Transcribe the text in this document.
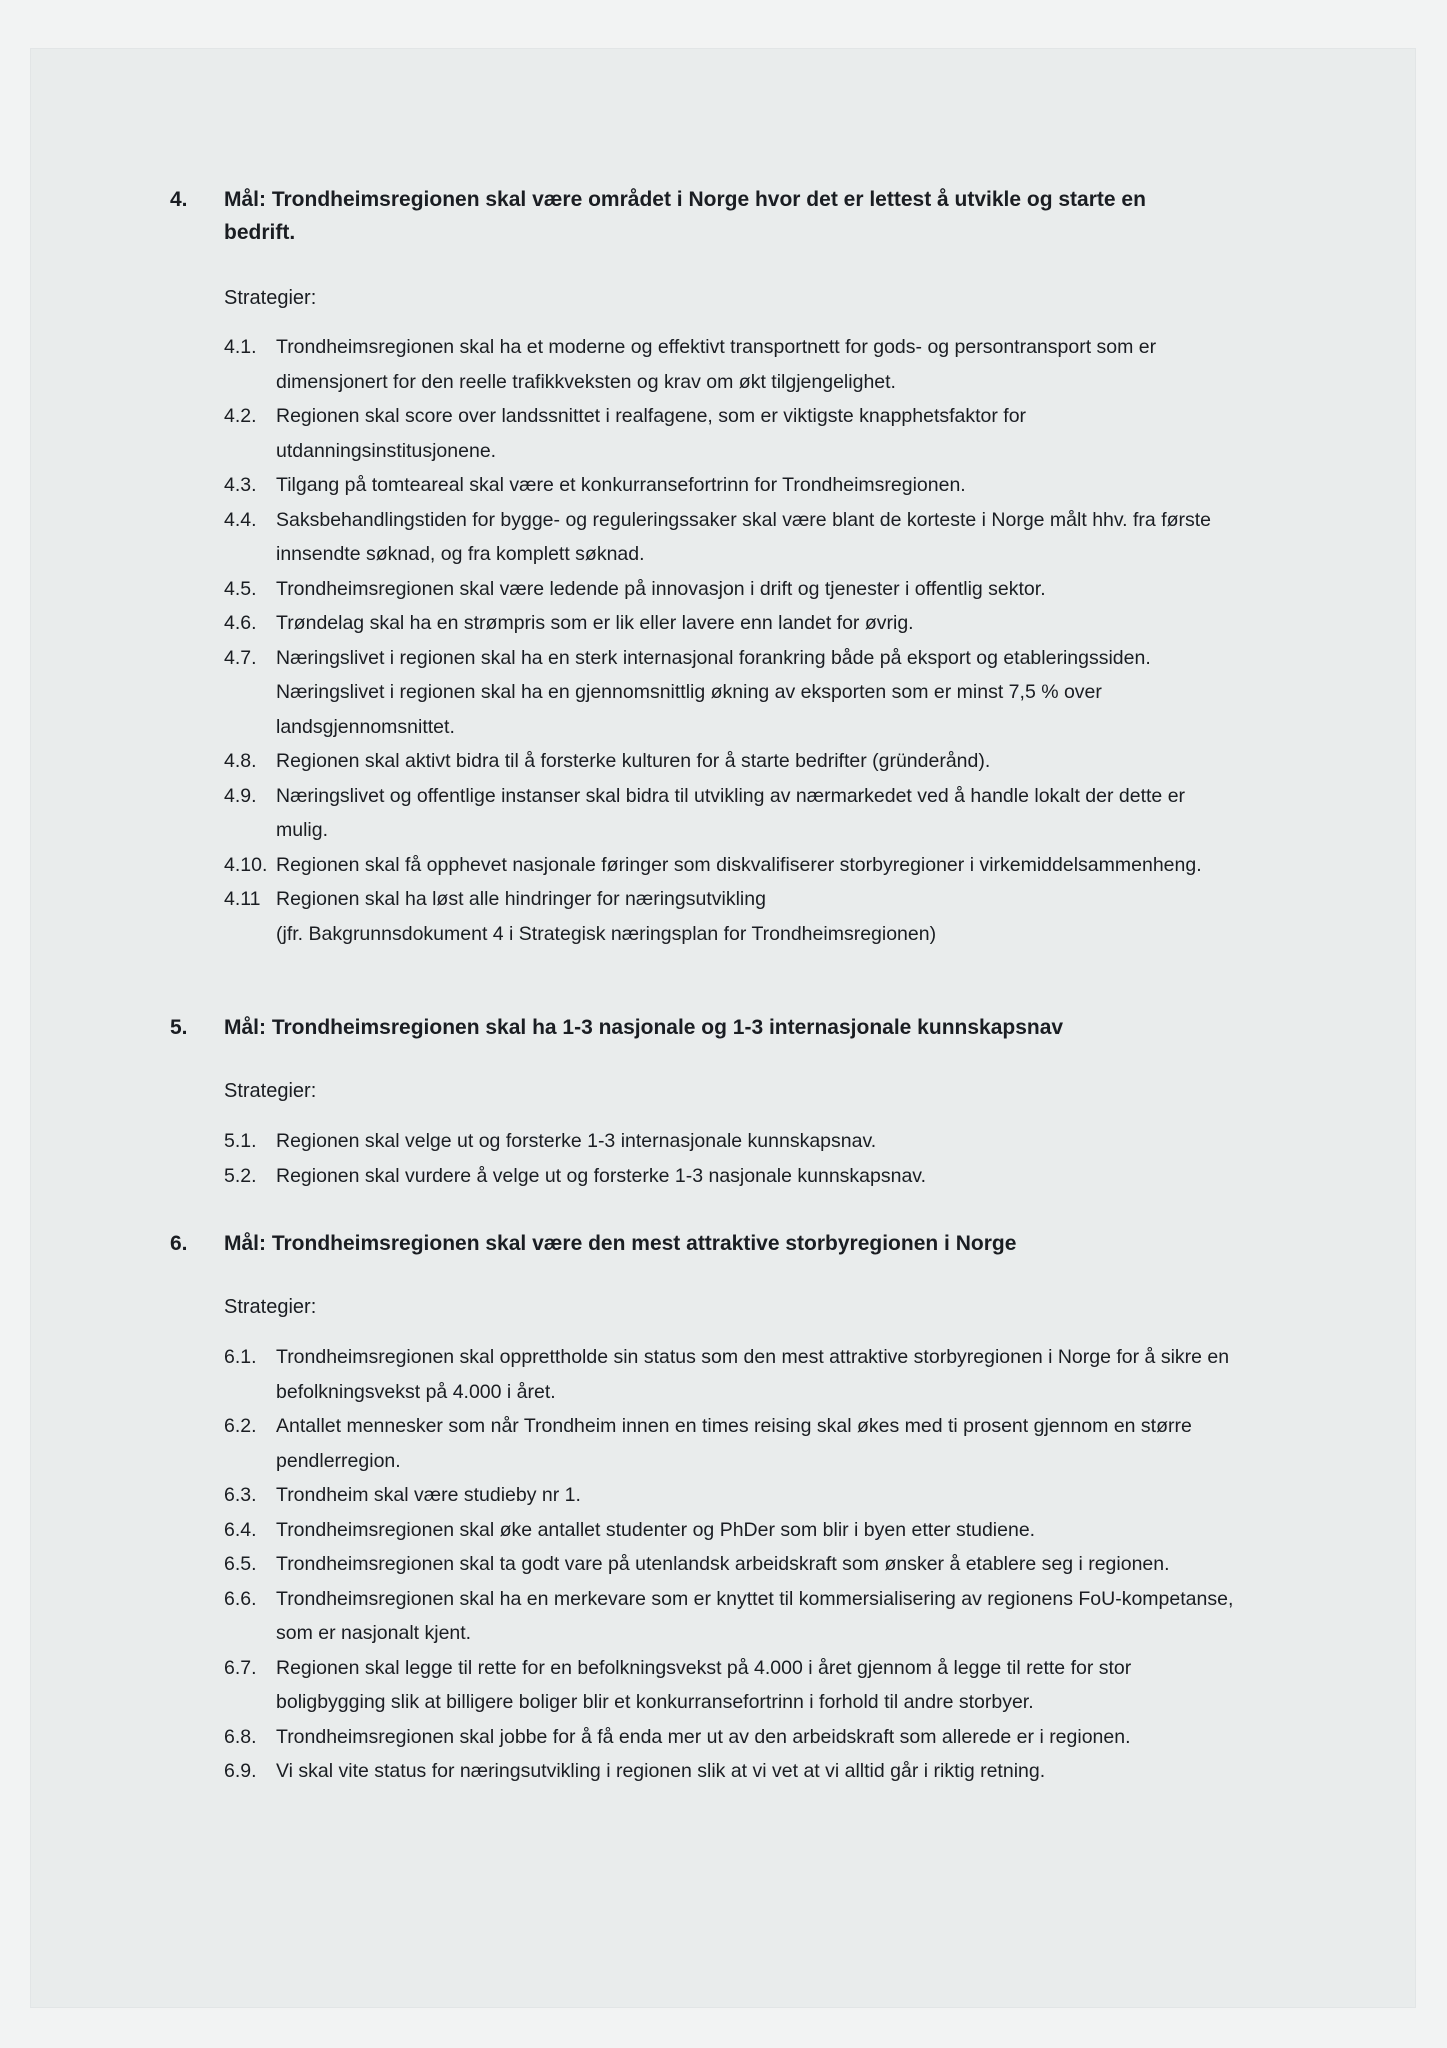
4. Mål: Trondheimsregionen skal være området i Norge hvor det er lettest å utvikle og starte en bedrift.
Strategier:
4.1. Trondheimsregionen skal ha et moderne og effektivt transportnett for gods- og persontransport som er dimensjonert for den reelle trafikkveksten og krav om økt tilgjengelighet.
4.2. Regionen skal score over landssnittet i realfagene, som er viktigste knapphetsfaktor for utdanningsinstitusjonene.
4.3. Tilgang på tomteareal skal være et konkurransefortrinn for Trondheimsregionen.
4.4. Saksbehandlingstiden for bygge- og reguleringssaker skal være blant de korteste i Norge målt hhv. fra første innsendte søknad, og fra komplett søknad.
4.5. Trondheimsregionen skal være ledende på innovasjon i drift og tjenester i offentlig sektor.
4.6. Trøndelag skal ha en strømpris som er lik eller lavere enn landet for øvrig.
4.7. Næringslivet i regionen skal ha en sterk internasjonal forankring både på eksport og etableringssiden. Næringslivet i regionen skal ha en gjennomsnittlig økning av eksporten som er minst 7,5 % over landsgjennomsnittet.
4.8. Regionen skal aktivt bidra til å forsterke kulturen for å starte bedrifter (gründerånd).
4.9. Næringslivet og offentlige instanser skal bidra til utvikling av nærmarkedet ved å handle lokalt der dette er mulig.
4.10. Regionen skal få opphevet nasjonale føringer som diskvalifiserer storbyregioner i virkemiddelsammenheng.
4.11 Regionen skal ha løst alle hindringer for næringsutvikling
(jfr. Bakgrunnsdokument 4 i Strategisk næringsplan for Trondheimsregionen)
5. Mål: Trondheimsregionen skal ha 1-3 nasjonale og 1-3 internasjonale kunnskapsnav
Strategier:
5.1. Regionen skal velge ut og forsterke 1-3 internasjonale kunnskapsnav.
5.2. Regionen skal vurdere å velge ut og forsterke 1-3 nasjonale kunnskapsnav.
6. Mål: Trondheimsregionen skal være den mest attraktive storbyregionen i Norge
Strategier:
6.1. Trondheimsregionen skal opprettholde sin status som den mest attraktive storbyregionen i Norge for å sikre en befolkningsvekst på 4.000 i året.
6.2. Antallet mennesker som når Trondheim innen en times reising skal økes med ti prosent gjennom en større pendlerregion.
6.3. Trondheim skal være studieby nr 1.
6.4. Trondheimsregionen skal øke antallet studenter og PhDer som blir i byen etter studiene.
6.5. Trondheimsregionen skal ta godt vare på utenlandsk arbeidskraft som ønsker å etablere seg i regionen.
6.6. Trondheimsregionen skal ha en merkevare som er knyttet til kommersialisering av regionens FoU-kompetanse, som er nasjonalt kjent.
6.7. Regionen skal legge til rette for en befolkningsvekst på 4.000 i året gjennom å legge til rette for stor boligbygging slik at billigere boliger blir et konkurransefortrinn i forhold til andre storbyer.
6.8. Trondheimsregionen skal jobbe for å få enda mer ut av den arbeidskraft som allerede er i regionen.
6.9. Vi skal vite status for næringsutvikling i regionen slik at vi vet at vi alltid går i riktig retning.
